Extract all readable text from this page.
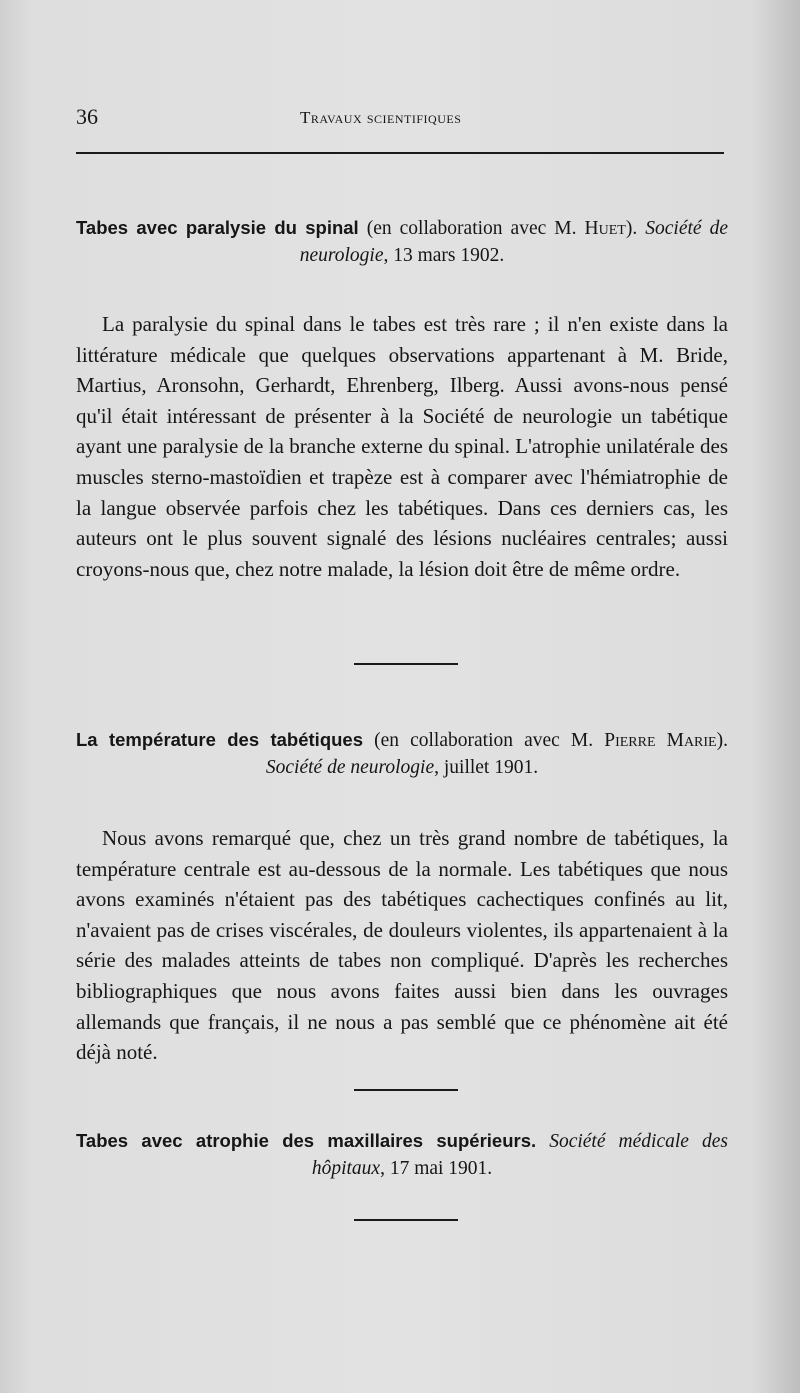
36	Travaux scientifiques
Tabes avec paralysie du spinal (en collaboration avec M. Huet). Société de neurologie, 13 mars 1902.

La paralysie du spinal dans le tabes est très rare ; il n'en existe dans la littérature médicale que quelques observations appartenant à M. Bride, Martius, Aronsohn, Gerhardt, Ehrenberg, Ilberg. Aussi avons-nous pensé qu'il était intéressant de présenter à la Société de neurologie un tabétique ayant une paralysie de la branche externe du spinal. L'atrophie unilatérale des muscles sterno-mastoïdien et trapèze est à comparer avec l'hémiatrophie de la langue observée parfois chez les tabétiques. Dans ces derniers cas, les auteurs ont le plus souvent signalé des lésions nucléaires centrales; aussi croyons-nous que, chez notre malade, la lésion doit être de même ordre.

La température des tabétiques (en collaboration avec M. Pierre Marie). Société de neurologie, juillet 1901.

Nous avons remarqué que, chez un très grand nombre de tabétiques, la température centrale est au-dessous de la normale. Les tabétiques que nous avons examinés n'étaient pas des tabétiques cachectiques confinés au lit, n'avaient pas de crises viscérales, de douleurs violentes, ils appartenaient à la série des malades atteints de tabes non compliqué. D'après les recherches bibliographiques que nous avons faites aussi bien dans les ouvrages allemands que français, il ne nous a pas semblé que ce phénomène ait été déjà noté.

Tabes avec atrophie des maxillaires supérieurs. Société médicale des hôpitaux, 17 mai 1901.
